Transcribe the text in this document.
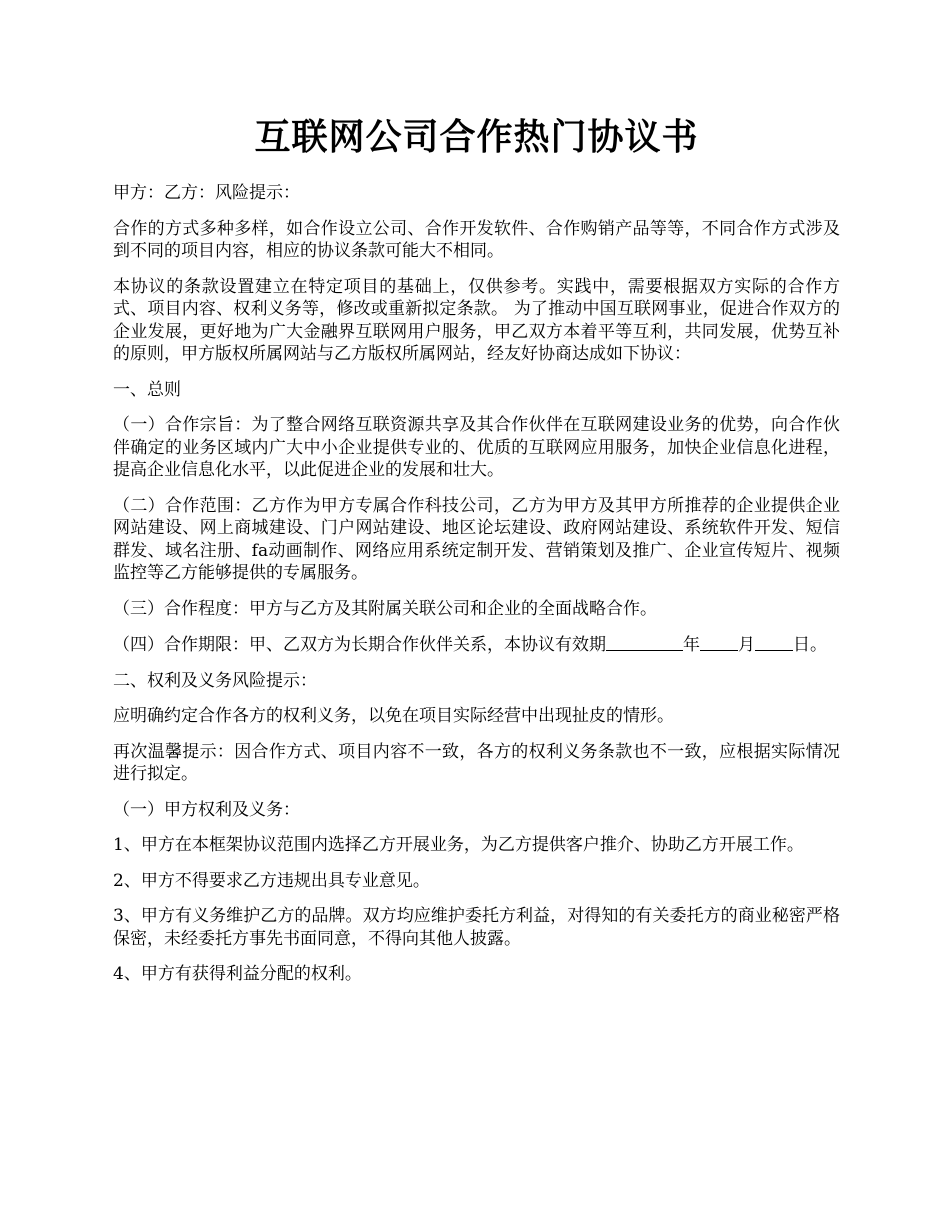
互联网公司合作热门协议书

甲方：乙方：风险提示：

合作的方式多种多样，如合作设立公司、合作开发软件、合作购销产品等等，不同合作方式涉及到不同的项目内容，相应的协议条款可能大不相同。

本协议的条款设置建立在特定项目的基础上，仅供参考。实践中，需要根据双方实际的合作方式、项目内容、权利义务等，修改或重新拟定条款。 为了推动中国互联网事业，促进合作双方的企业发展，更好地为广大金融界互联网用户服务，甲乙双方本着平等互利，共同发展，优势互补的原则，甲方版权所属网站与乙方版权所属网站，经友好协商达成如下协议：

一、总则

（一）合作宗旨：为了整合网络互联资源共享及其合作伙伴在互联网建设业务的优势，向合作伙伴确定的业务区域内广大中小企业提供专业的、优质的互联网应用服务，加快企业信息化进程，提高企业信息化水平，以此促进企业的发展和壮大。

（二）合作范围：乙方作为甲方专属合作科技公司，乙方为甲方及其甲方所推荐的企业提供企业网站建设、网上商城建设、门户网站建设、地区论坛建设、政府网站建设、系统软件开发、短信群发、域名注册、fa动画制作、网络应用系统定制开发、营销策划及推广、企业宣传短片、视频监控等乙方能够提供的专属服务。

（三）合作程度：甲方与乙方及其附属关联公司和企业的全面战略合作。

（四）合作期限：甲、乙双方为长期合作伙伴关系，本协议有效期	年 月 日。

二、权利及义务风险提示：

应明确约定合作各方的权利义务，以免在项目实际经营中出现扯皮的情形。

再次温馨提示：因合作方式、项目内容不一致，各方的权利义务条款也不一致，应根据实际情况进行拟定。

（一）甲方权利及义务：

1、甲方在本框架协议范围内选择乙方开展业务，为乙方提供客户推介、协助乙方开展工作。

2、甲方不得要求乙方违规出具专业意见。

3、甲方有义务维护乙方的品牌。双方均应维护委托方利益，对得知的有关委托方的商业秘密严格保密，未经委托方事先书面同意，不得向其他人披露。

4、甲方有获得利益分配的权利。
